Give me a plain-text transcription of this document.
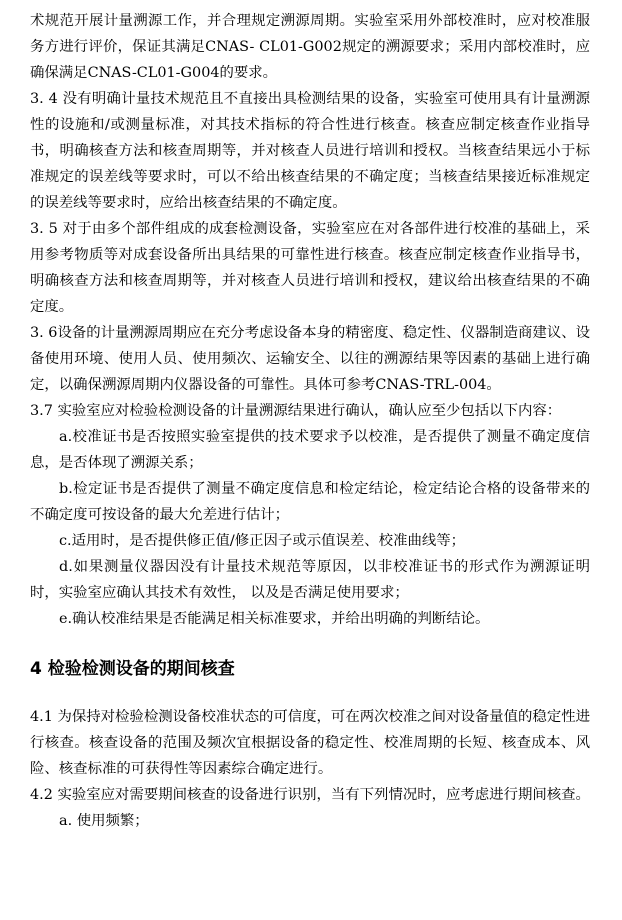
术规范开展计量溯源工作，并合理规定溯源周期。实验室采用外部校准时，应对校准服务方进行评价，保证其满足CNAS- CL01-G002规定的溯源要求；采用内部校准时，应确保满足CNAS-CL01-G004的要求。

3. 4 没有明确计量技术规范且不直接出具检测结果的设备，实验室可使用具有计量溯源性的设施和/或测量标准，对其技术指标的符合性进行核查。核查应制定核查作业指导书，明确核查方法和核查周期等，并对核查人员进行培训和授权。当核查结果远小于标准规定的误差线等要求时，可以不给出核查结果的不确定度；当核查结果接近标准规定的误差线等要求时，应给出核查结果的不确定度。

3. 5 对于由多个部件组成的成套检测设备，实验室应在对各部件进行校准的基础上，采用参考物质等对成套设备所出具结果的可靠性进行核查。核查应制定核查作业指导书，明确核查方法和核查周期等，并对核查人员进行培训和授权，建议给出核查结果的不确定度。

3. 6设备的计量溯源周期应在充分考虑设备本身的精密度、稳定性、仪器制造商建议、设备使用环境、使用人员、使用频次、运输安全、以往的溯源结果等因素的基础上进行确定，以确保溯源周期内仪器设备的可靠性。具体可参考CNAS-TRL-004。

3.7 实验室应对检验检测设备的计量溯源结果进行确认，确认应至少包括以下内容：

a.校准证书是否按照实验室提供的技术要求予以校准，是否提供了测量不确定度信息，是否体现了溯源关系；

b.检定证书是否提供了测量不确定度信息和检定结论，检定结论合格的设备带来的不确定度可按设备的最大允差进行估计；

c.适用时，是否提供修正值/修正因子或示值误差、校准曲线等；

d.如果测量仪器因没有计量技术规范等原因，以非校准证书的形式作为溯源证明时，实验室应确认其技术有效性， 以及是否满足使用要求；

e.确认校准结果是否能满足相关标准要求，并给出明确的判断结论。

4 检验检测设备的期间核查

4.1 为保持对检验检测设备校准状态的可信度，可在两次校准之间对设备量值的稳定性进行核查。核查设备的范围及频次宜根据设备的稳定性、校准周期的长短、核查成本、风险、核查标准的可获得性等因素综合确定进行。

4.2 实验室应对需要期间核查的设备进行识别，当有下列情况时，应考虑进行期间核查。

a. 使用频繁；
